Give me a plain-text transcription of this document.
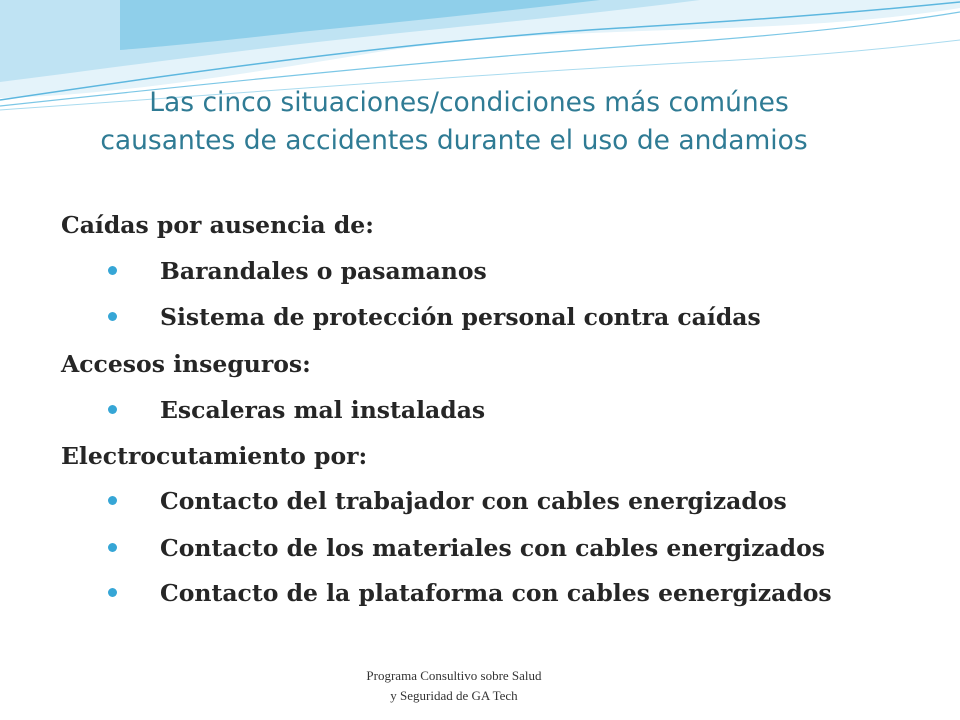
Las cinco situaciones/condiciones más comúnes
causantes de accidentes durante el uso de andamios
Caídas por ausencia de:
Barandales o pasamanos
Sistema de protección personal contra caídas
Accesos inseguros:
Escaleras mal instaladas
Electrocutamiento por:
Contacto del trabajador con cables energizados
Contacto de los materiales con cables energizados
Contacto de la plataforma con cables eenergizados
Programa Consultivo sobre Salud
y Seguridad de GA Tech
